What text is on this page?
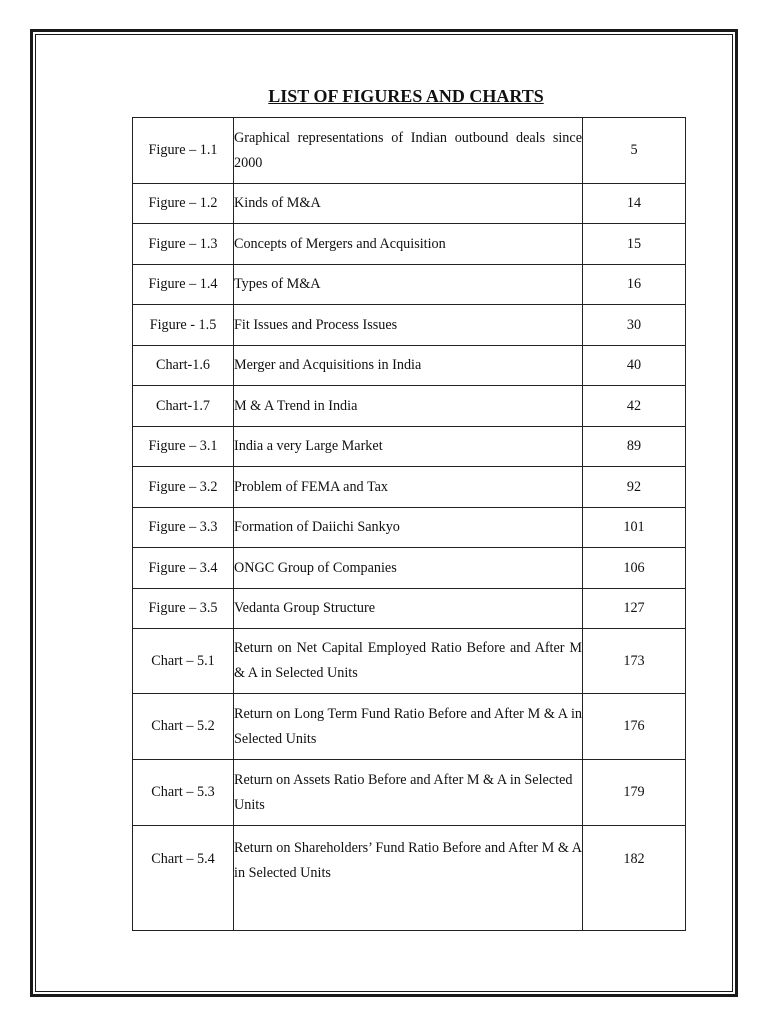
LIST OF FIGURES AND CHARTS
Figure – 1.1	Graphical representations of Indian outbound deals since 2000	5
Figure – 1.2	Kinds of M&A	14
Figure – 1.3	Concepts of Mergers and Acquisition	15
Figure – 1.4	Types of M&A	16
Figure - 1.5	Fit Issues and Process Issues	30
Chart-1.6	Merger and Acquisitions in India	40
Chart-1.7	M & A Trend in India	42
Figure – 3.1	India a very Large Market	89
Figure – 3.2	Problem of FEMA and Tax	92
Figure – 3.3	Formation of Daiichi Sankyo	101
Figure – 3.4	ONGC Group of Companies	106
Figure – 3.5	Vedanta Group Structure	127
Chart – 5.1	Return on Net Capital Employed Ratio Before and After M & A in Selected Units	173
Chart – 5.2	Return on Long Term Fund Ratio Before and After M & A in Selected Units	176
Chart – 5.3	Return on Assets Ratio Before and After M & A in Selected Units	179
Chart – 5.4	Return on Shareholders’ Fund Ratio Before and After M & A in Selected Units	182
